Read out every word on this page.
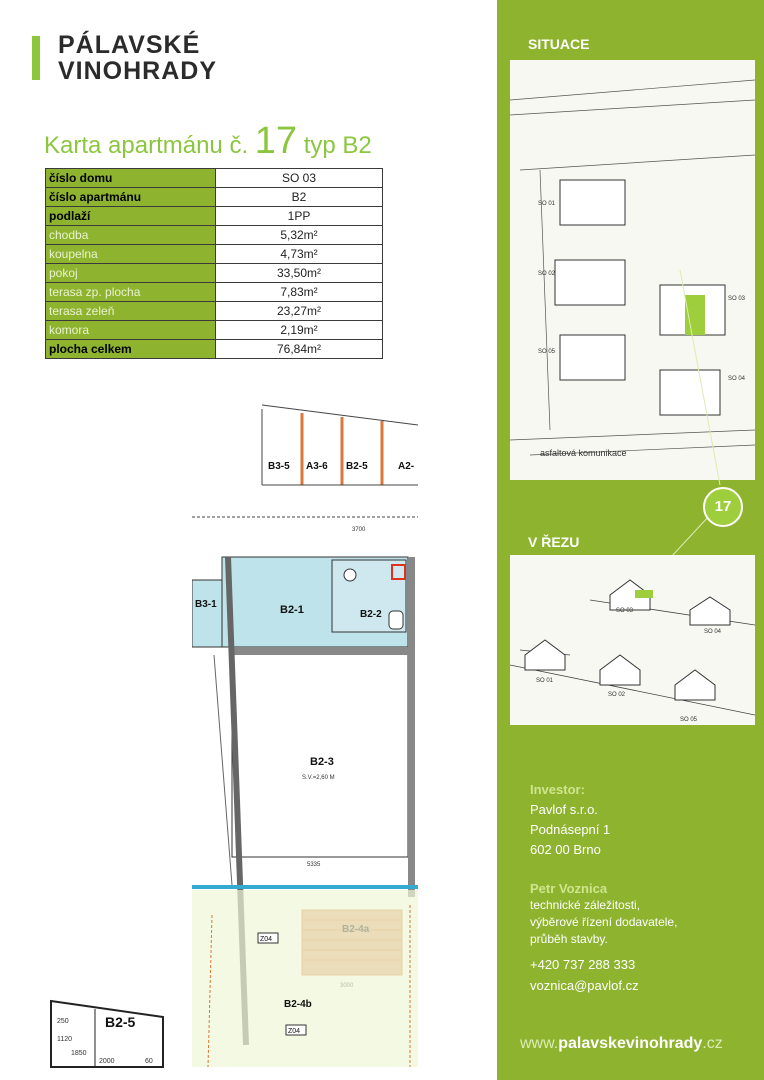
PÁLAVSKÉ
VINOHRADY
Karta apartmánu č. 17 typ B2
číslo domu	SO 03
číslo apartmánu	B2
podlaží	1PP
chodba	5,32m²
koupelna	4,73m²
pokoj	33,50m²
terasa zp. plocha	7,83m²
terasa zeleň	23,27m²
komora	2,19m²
plocha celkem	76,84m²
B3-5 A3-6 B2-5	A2-
3700
B3-1	B2-1	B2-2
B2-3
S.V.=2,60 M
5335
B2-4b
Z04
Z04
B2-5
250
1120
1850
2000	60
SITUACE
SO 01
SO 02
SO 05
SO 03
SO 04
asfaltová komunikace
17
V ŘEZU
SO 03
SO 04
SO 01
SO 02
SO 05
Investor:
Pavlof s.r.o.
Podnásepní 1
602 00 Brno
Petr Voznica
technické záležitosti,
výběrové řízení dodavatele,
průběh stavby.
+420 737 288 333
voznica@pavlof.cz
www.palavskevinohrady.cz
